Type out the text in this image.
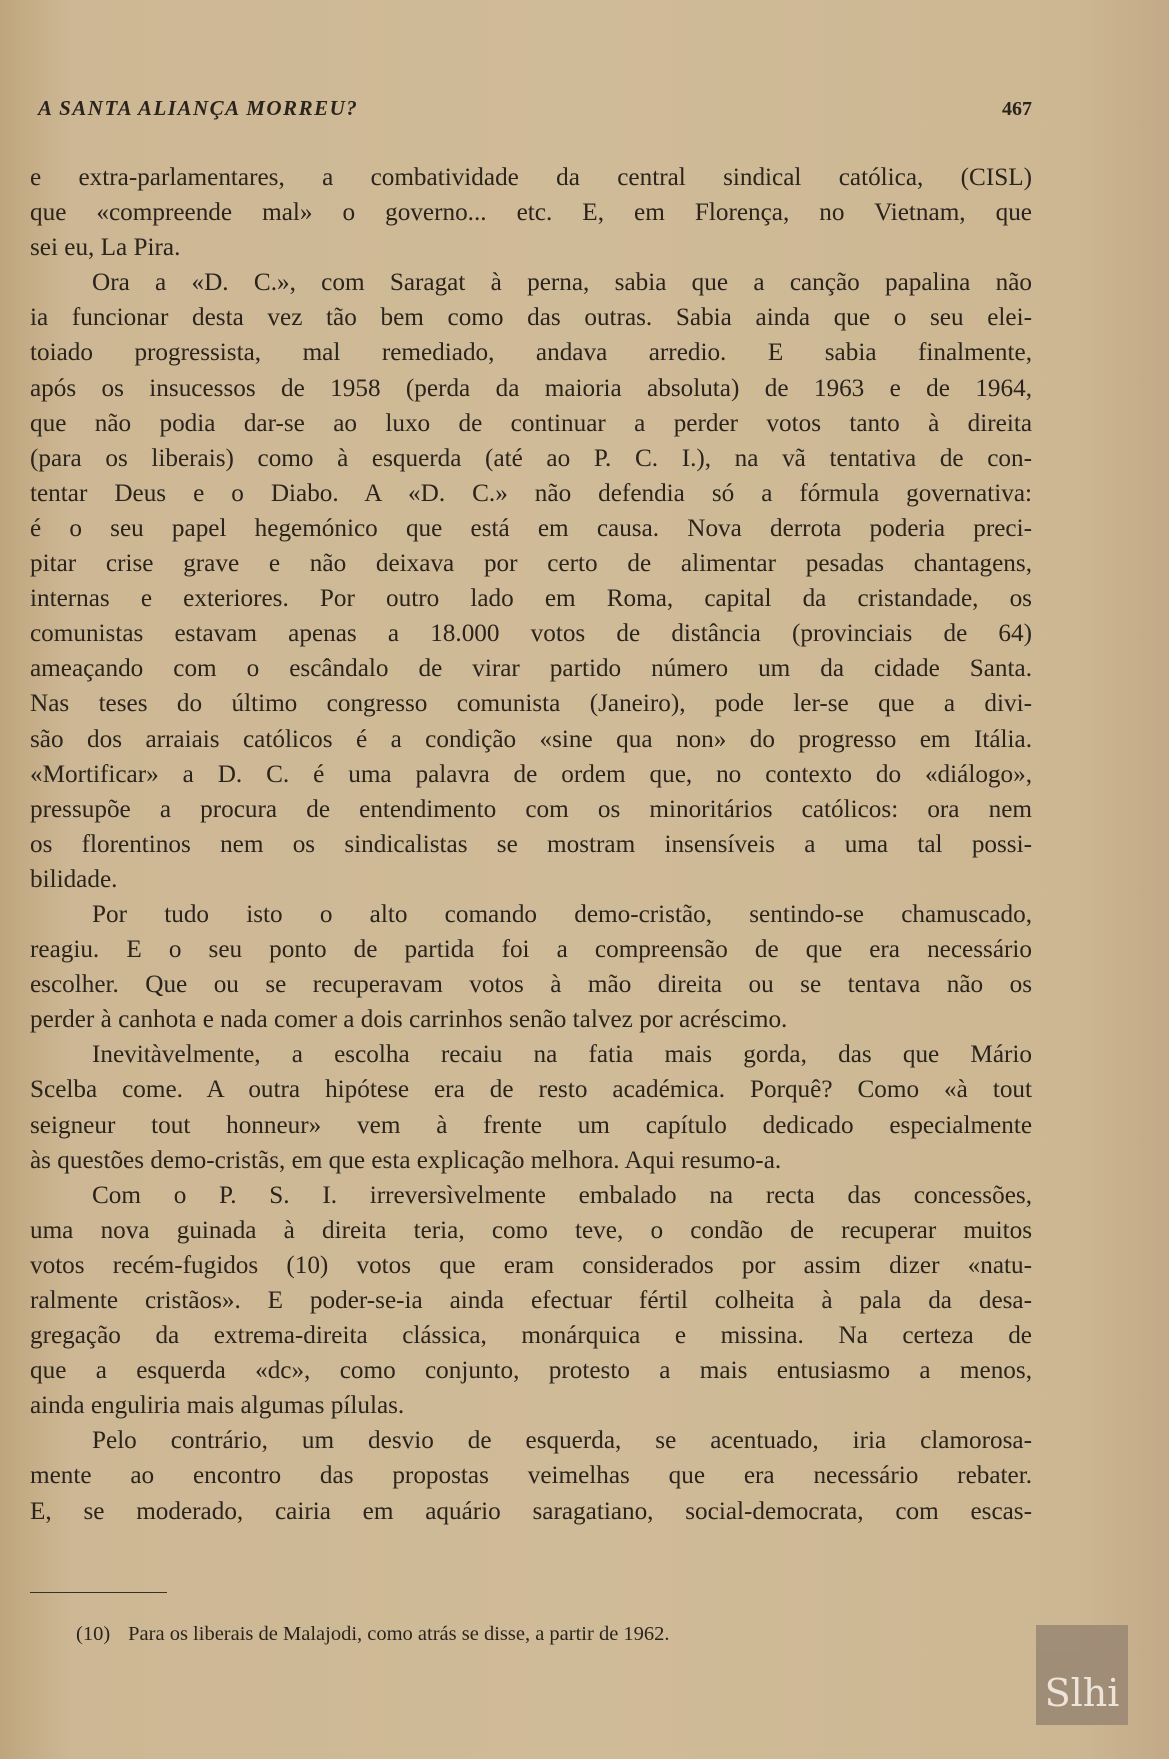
A SANTA ALIANÇA MORREU?	467
e extra-parlamentares, a combatividade da central sindical católica, (CISL)
que «compreende mal» o governo... etc. E, em Florença, no Vietnam, que
sei eu, La Pira.
Ora a «D. C.», com Saragat à perna, sabia que a canção papalina não
ia funcionar desta vez tão bem como das outras. Sabia ainda que o seu elei-
toiado progressista, mal remediado, andava arredio. E sabia finalmente,
após os insucessos de 1958 (perda da maioria absoluta) de 1963 e de 1964,
que não podia dar-se ao luxo de continuar a perder votos tanto à direita
(para os liberais) como à esquerda (até ao P. C. I.), na vã tentativa de con-
tentar Deus e o Diabo. A «D. C.» não defendia só a fórmula governativa:
é o seu papel hegemónico que está em causa. Nova derrota poderia preci-
pitar crise grave e não deixava por certo de alimentar pesadas chantagens,
internas e exteriores. Por outro lado em Roma, capital da cristandade, os
comunistas estavam apenas a 18.000 votos de distância (provinciais de 64)
ameaçando com o escândalo de virar partido número um da cidade Santa.
Nas teses do último congresso comunista (Janeiro), pode ler-se que a divi-
são dos arraiais católicos é a condição «sine qua non» do progresso em Itália.
«Mortificar» a D. C. é uma palavra de ordem que, no contexto do «diálogo»,
pressupõe a procura de entendimento com os minoritários católicos: ora nem
os florentinos nem os sindicalistas se mostram insensíveis a uma tal possi-
bilidade.
Por tudo isto o alto comando demo-cristão, sentindo-se chamuscado,
reagiu. E o seu ponto de partida foi a compreensão de que era necessário
escolher. Que ou se recuperavam votos à mão direita ou se tentava não os
perder à canhota e nada comer a dois carrinhos senão talvez por acréscimo.
Inevitàvelmente, a escolha recaiu na fatia mais gorda, das que Mário
Scelba come. A outra hipótese era de resto académica. Porquê? Como «à tout
seigneur tout honneur» vem à frente um capítulo dedicado especialmente
às questões demo-cristãs, em que esta explicação melhora. Aqui resumo-a.
Com o P. S. I. irreversìvelmente embalado na recta das concessões,
uma nova guinada à direita teria, como teve, o condão de recuperar muitos
votos recém-fugidos (10) votos que eram considerados por assim dizer «natu-
ralmente cristãos». E poder-se-ia ainda efectuar fértil colheita à pala da desa-
gregação da extrema-direita clássica, monárquica e missina. Na certeza de
que a esquerda «dc», como conjunto, protesto a mais entusiasmo a menos,
ainda enguliria mais algumas pílulas.
Pelo contrário, um desvio de esquerda, se acentuado, iria clamorosa-
mente ao encontro das propostas veimelhas que era necessário rebater.
E, se moderado, cairia em aquário saragatiano, social-democrata, com escas-
(10) Para os liberais de Malajodi, como atrás se disse, a partir de 1962.
Slhi
